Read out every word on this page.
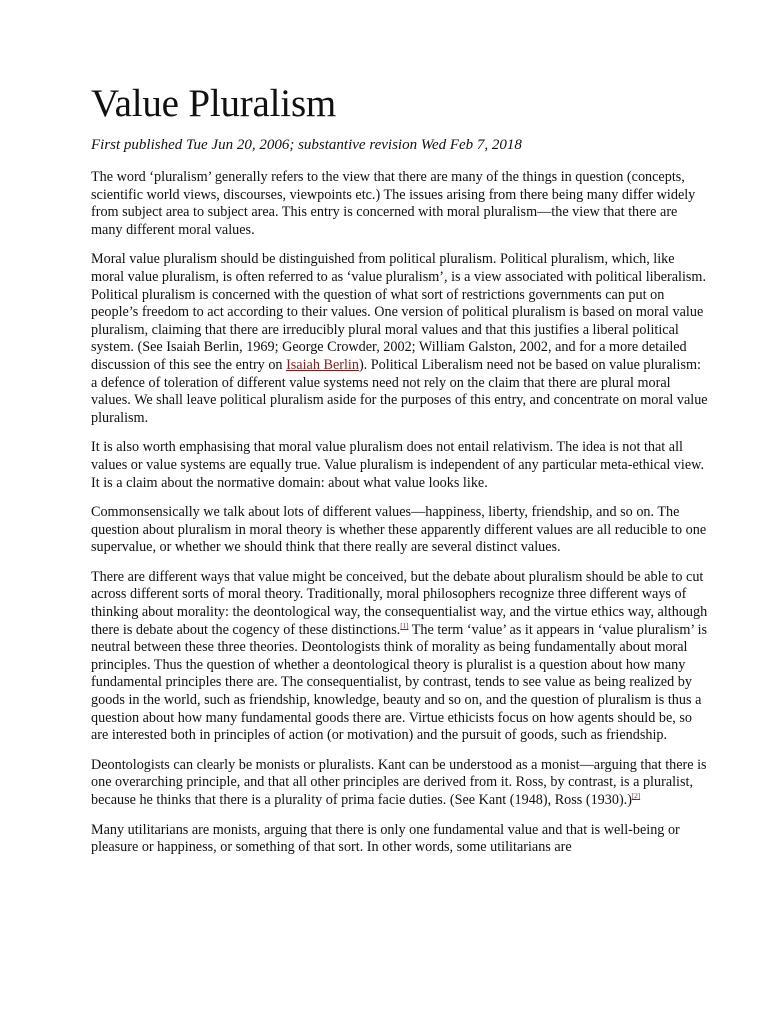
Value Pluralism
First published Tue Jun 20, 2006; substantive revision Wed Feb 7, 2018

The word ‘pluralism’ generally refers to the view that there are many of the things in question (concepts, scientific world views, discourses, viewpoints etc.) The issues arising from there being many differ widely from subject area to subject area. This entry is concerned with moral pluralism—the view that there are many different moral values.

Moral value pluralism should be distinguished from political pluralism. Political pluralism, which, like moral value pluralism, is often referred to as ‘value pluralism’, is a view associated with political liberalism. Political pluralism is concerned with the question of what sort of restrictions governments can put on people’s freedom to act according to their values. One version of political pluralism is based on moral value pluralism, claiming that there are irreducibly plural moral values and that this justifies a liberal political system. (See Isaiah Berlin, 1969; George Crowder, 2002; William Galston, 2002, and for a more detailed discussion of this see the entry on Isaiah Berlin). Political Liberalism need not be based on value pluralism: a defence of toleration of different value systems need not rely on the claim that there are plural moral values. We shall leave political pluralism aside for the purposes of this entry, and concentrate on moral value pluralism.

It is also worth emphasising that moral value pluralism does not entail relativism. The idea is not that all values or value systems are equally true. Value pluralism is independent of any particular meta-ethical view. It is a claim about the normative domain: about what value looks like.

Commonsensically we talk about lots of different values—happiness, liberty, friendship, and so on. The question about pluralism in moral theory is whether these apparently different values are all reducible to one supervalue, or whether we should think that there really are several distinct values.

There are different ways that value might be conceived, but the debate about pluralism should be able to cut across different sorts of moral theory. Traditionally, moral philosophers recognize three different ways of thinking about morality: the deontological way, the consequentialist way, and the virtue ethics way, although there is debate about the cogency of these distinctions.[1] The term ‘value’ as it appears in ‘value pluralism’ is neutral between these three theories. Deontologists think of morality as being fundamentally about moral principles. Thus the question of whether a deontological theory is pluralist is a question about how many fundamental principles there are. The consequentialist, by contrast, tends to see value as being realized by goods in the world, such as friendship, knowledge, beauty and so on, and the question of pluralism is thus a question about how many fundamental goods there are. Virtue ethicists focus on how agents should be, so are interested both in principles of action (or motivation) and the pursuit of goods, such as friendship.

Deontologists can clearly be monists or pluralists. Kant can be understood as a monist—arguing that there is one overarching principle, and that all other principles are derived from it. Ross, by contrast, is a pluralist, because he thinks that there is a plurality of prima facie duties. (See Kant (1948), Ross (1930).)[2]

Many utilitarians are monists, arguing that there is only one fundamental value and that is well-being or pleasure or happiness, or something of that sort. In other words, some utilitarians are
